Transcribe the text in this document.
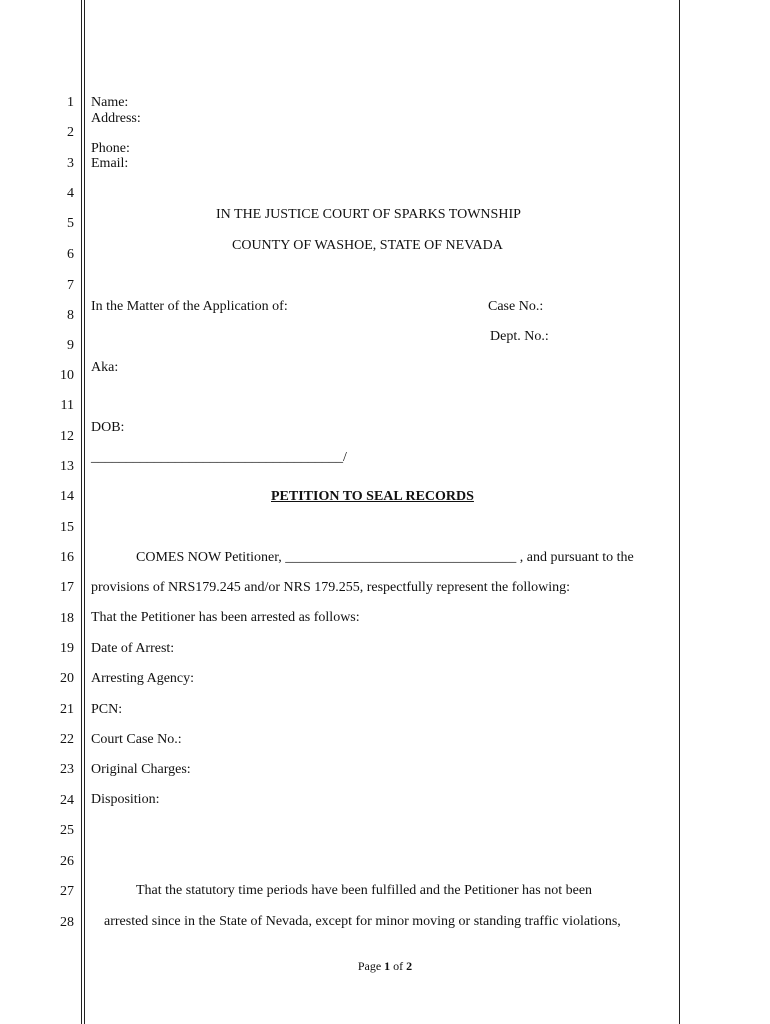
1
2
3
4
5
6
7
8
9
10
11
12
13
14
15
16
17
18
19
20
21
22
23
24
25
26
27
28
Name:
Address:
Phone:
Email:
IN THE JUSTICE COURT OF SPARKS TOWNSHIP
COUNTY OF WASHOE, STATE OF NEVADA
In the Matter of the Application of:	Case No.:
Dept. No.:
Aka:
DOB:
____________________________________/
PETITION TO SEAL RECORDS
COMES NOW Petitioner, _________________________________ , and pursuant to the
provisions of NRS179.245 and/or NRS 179.255, respectfully represent the following:
That the Petitioner has been arrested as follows:
Date of Arrest:
Arresting Agency:
PCN:
Court Case No.:
Original Charges:
Disposition:
That the statutory time periods have been fulfilled and the Petitioner has not been
arrested since in the State of Nevada, except for minor moving or standing traffic violations,
Page 1 of 2
